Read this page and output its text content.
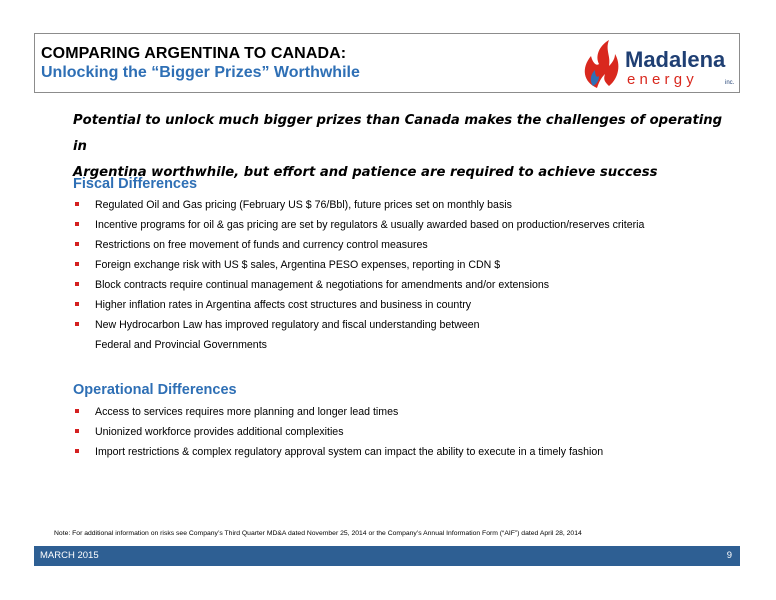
COMPARING ARGENTINA TO CANADA:
Unlocking the “Bigger Prizes” Worthwhile
Madalena
e n e r g y	inc.
Potential to unlock much bigger prizes than Canada makes the challenges of operating in
Argentina worthwhile, but effort and patience are required to achieve success
Fiscal Differences
Regulated Oil and Gas pricing (February US $ 76/Bbl), future prices set on monthly basis
Incentive programs for oil & gas pricing are set by regulators & usually awarded based on production/reserves criteria
Restrictions on free movement of funds and currency control measures
Foreign exchange risk with US $ sales, Argentina PESO expenses, reporting in CDN $
Block contracts require continual management & negotiations for amendments and/or extensions
Higher inflation rates in Argentina affects cost structures and business in country
New Hydrocarbon Law has improved regulatory and fiscal understanding between
Federal and Provincial Governments
Operational Differences
Access to services requires more planning and longer lead times
Unionized workforce provides additional complexities
Import restrictions & complex regulatory approval system can impact the ability to execute in a timely fashion
Note: For additional information on risks see Company’s Third Quarter MD&A dated November 25, 2014 or the Company’s Annual Information Form (“AIF”) dated April 28, 2014
MARCH 2015	9
